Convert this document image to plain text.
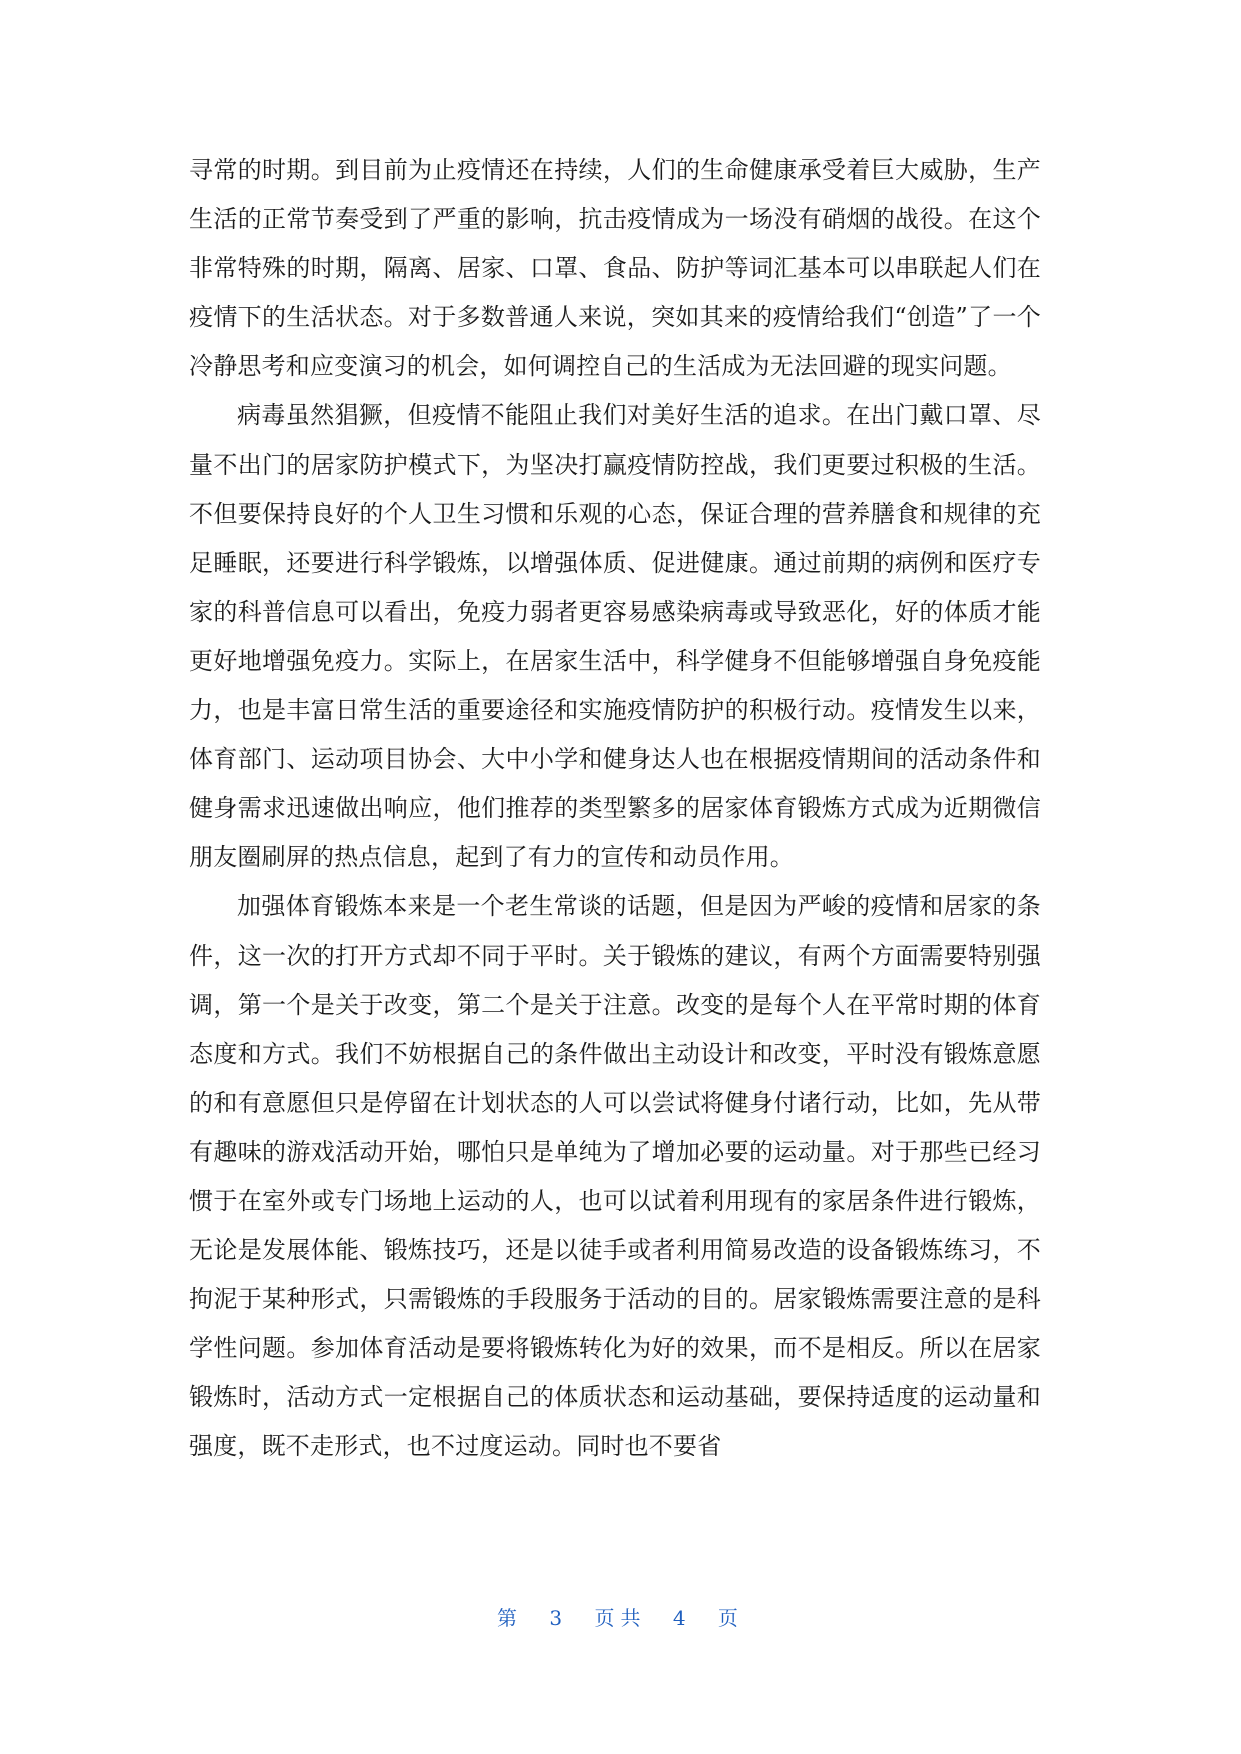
寻常的时期。到目前为止疫情还在持续，人们的生命健康承受着巨大威胁，生产生活的正常节奏受到了严重的影响，抗击疫情成为一场没有硝烟的战役。在这个非常特殊的时期，隔离、居家、口罩、食品、防护等词汇基本可以串联起人们在疫情下的生活状态。对于多数普通人来说，突如其来的疫情给我们“创造”了一个冷静思考和应变演习的机会，如何调控自己的生活成为无法回避的现实问题。

病毒虽然猖獗，但疫情不能阻止我们对美好生活的追求。在出门戴口罩、尽量不出门的居家防护模式下，为坚决打赢疫情防控战，我们更要过积极的生活。不但要保持良好的个人卫生习惯和乐观的心态，保证合理的营养膳食和规律的充足睡眠，还要进行科学锻炼，以增强体质、促进健康。通过前期的病例和医疗专家的科普信息可以看出，免疫力弱者更容易感染病毒或导致恶化，好的体质才能更好地增强免疫力。实际上，在居家生活中，科学健身不但能够增强自身免疫能力，也是丰富日常生活的重要途径和实施疫情防护的积极行动。疫情发生以来，体育部门、运动项目协会、大中小学和健身达人也在根据疫情期间的活动条件和健身需求迅速做出响应，他们推荐的类型繁多的居家体育锻炼方式成为近期微信朋友圈刷屏的热点信息，起到了有力的宣传和动员作用。

加强体育锻炼本来是一个老生常谈的话题，但是因为严峻的疫情和居家的条件，这一次的打开方式却不同于平时。关于锻炼的建议，有两个方面需要特别强调，第一个是关于改变，第二个是关于注意。改变的是每个人在平常时期的体育态度和方式。我们不妨根据自己的条件做出主动设计和改变，平时没有锻炼意愿的和有意愿但只是停留在计划状态的人可以尝试将健身付诸行动，比如，先从带有趣味的游戏活动开始，哪怕只是单纯为了增加必要的运动量。对于那些已经习惯于在室外或专门场地上运动的人，也可以试着利用现有的家居条件进行锻炼，无论是发展体能、锻炼技巧，还是以徒手或者利用简易改造的设备锻炼练习，不拘泥于某种形式，只需锻炼的手段服务于活动的目的。居家锻炼需要注意的是科学性问题。参加体育活动是要将锻炼转化为好的效果，而不是相反。所以在居家锻炼时，活动方式一定根据自己的体质状态和运动基础，要保持适度的运动量和强度，既不走形式，也不过度运动。同时也不要省

第 3 页共 4 页
